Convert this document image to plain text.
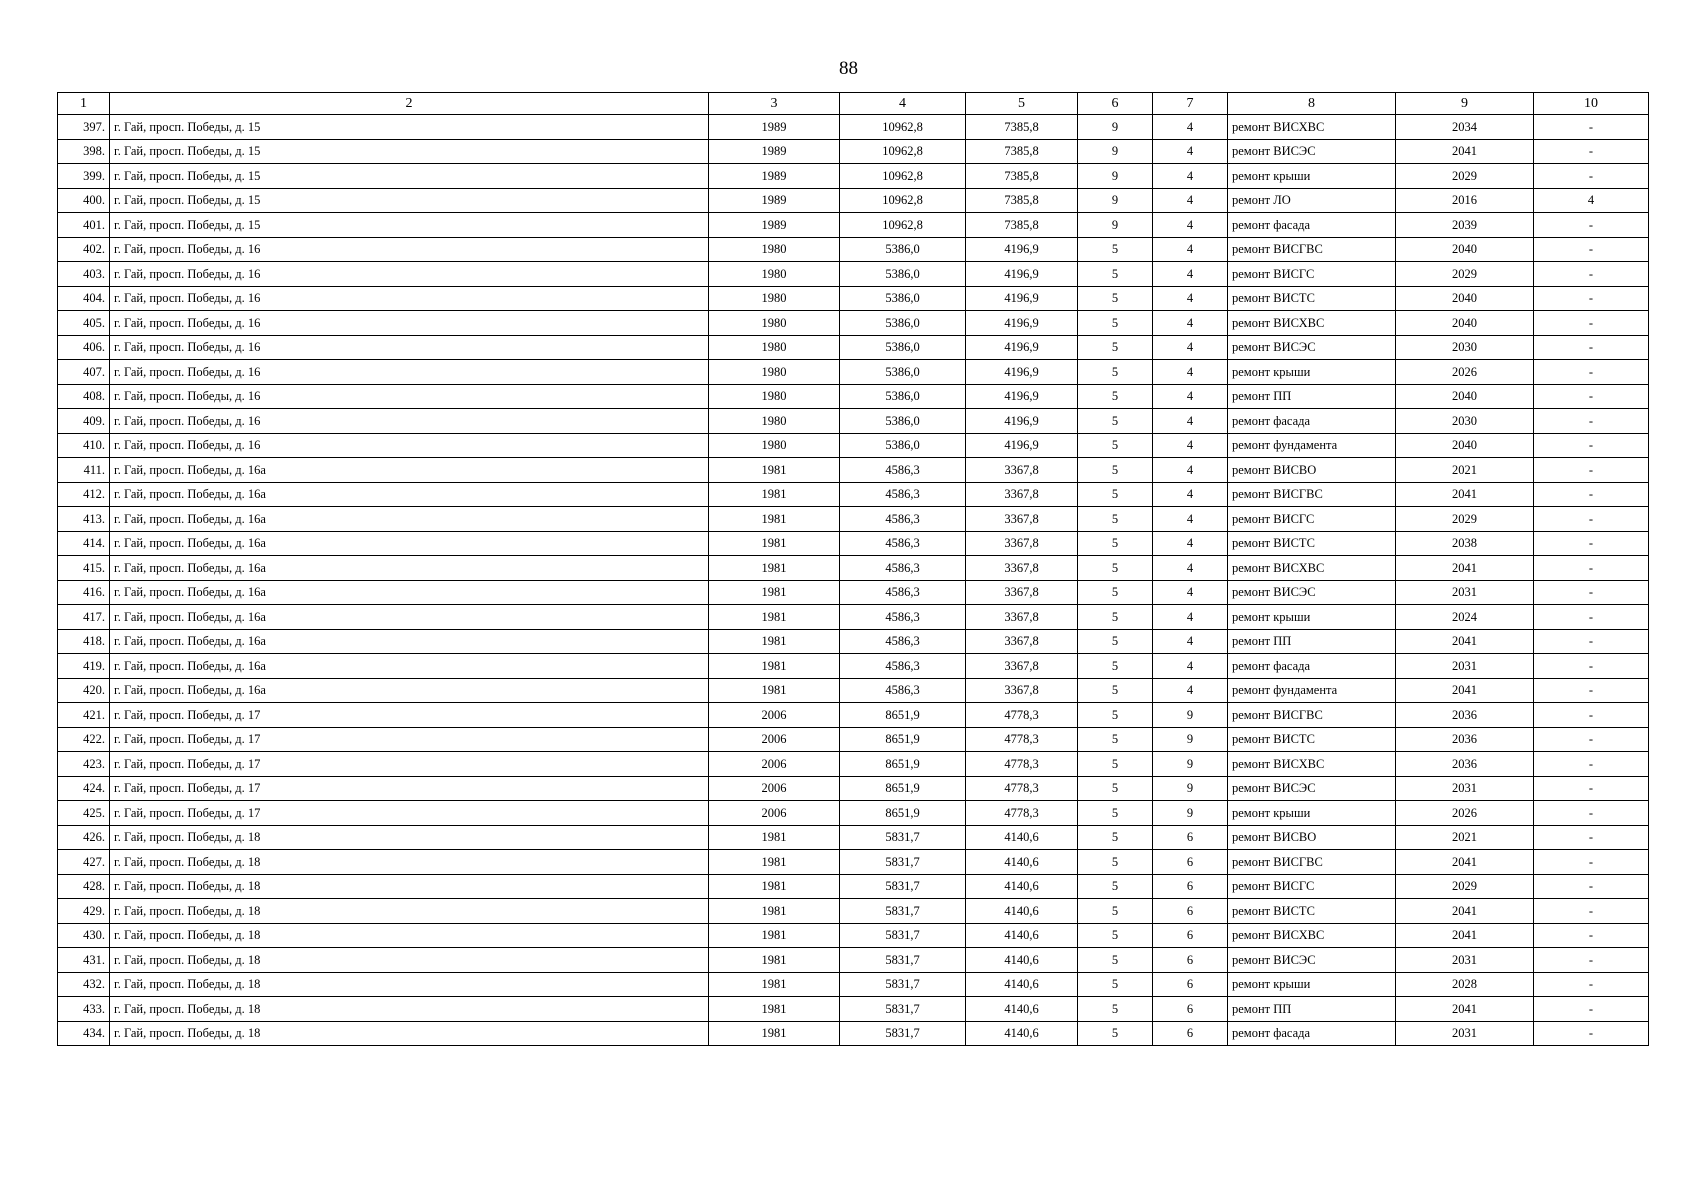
88
1	2	3	4	5	6	7	8	9	10
397.	г. Гай, просп. Победы, д. 15	1989	10962,8	7385,8	9	4	ремонт ВИСХВС	2034	-
398.	г. Гай, просп. Победы, д. 15	1989	10962,8	7385,8	9	4	ремонт ВИСЭС	2041	-
399.	г. Гай, просп. Победы, д. 15	1989	10962,8	7385,8	9	4	ремонт крыши	2029	-
400.	г. Гай, просп. Победы, д. 15	1989	10962,8	7385,8	9	4	ремонт ЛО	2016	4
401.	г. Гай, просп. Победы, д. 15	1989	10962,8	7385,8	9	4	ремонт фасада	2039	-
402.	г. Гай, просп. Победы, д. 16	1980	5386,0	4196,9	5	4	ремонт ВИСГВС	2040	-
403.	г. Гай, просп. Победы, д. 16	1980	5386,0	4196,9	5	4	ремонт ВИСГС	2029	-
404.	г. Гай, просп. Победы, д. 16	1980	5386,0	4196,9	5	4	ремонт ВИСТС	2040	-
405.	г. Гай, просп. Победы, д. 16	1980	5386,0	4196,9	5	4	ремонт ВИСХВС	2040	-
406.	г. Гай, просп. Победы, д. 16	1980	5386,0	4196,9	5	4	ремонт ВИСЭС	2030	-
407.	г. Гай, просп. Победы, д. 16	1980	5386,0	4196,9	5	4	ремонт крыши	2026	-
408.	г. Гай, просп. Победы, д. 16	1980	5386,0	4196,9	5	4	ремонт ПП	2040	-
409.	г. Гай, просп. Победы, д. 16	1980	5386,0	4196,9	5	4	ремонт фасада	2030	-
410.	г. Гай, просп. Победы, д. 16	1980	5386,0	4196,9	5	4	ремонт фундамента	2040	-
411.	г. Гай, просп. Победы, д. 16а	1981	4586,3	3367,8	5	4	ремонт ВИСВО	2021	-
412.	г. Гай, просп. Победы, д. 16а	1981	4586,3	3367,8	5	4	ремонт ВИСГВС	2041	-
413.	г. Гай, просп. Победы, д. 16а	1981	4586,3	3367,8	5	4	ремонт ВИСГС	2029	-
414.	г. Гай, просп. Победы, д. 16а	1981	4586,3	3367,8	5	4	ремонт ВИСТС	2038	-
415.	г. Гай, просп. Победы, д. 16а	1981	4586,3	3367,8	5	4	ремонт ВИСХВС	2041	-
416.	г. Гай, просп. Победы, д. 16а	1981	4586,3	3367,8	5	4	ремонт ВИСЭС	2031	-
417.	г. Гай, просп. Победы, д. 16а	1981	4586,3	3367,8	5	4	ремонт крыши	2024	-
418.	г. Гай, просп. Победы, д. 16а	1981	4586,3	3367,8	5	4	ремонт ПП	2041	-
419.	г. Гай, просп. Победы, д. 16а	1981	4586,3	3367,8	5	4	ремонт фасада	2031	-
420.	г. Гай, просп. Победы, д. 16а	1981	4586,3	3367,8	5	4	ремонт фундамента	2041	-
421.	г. Гай, просп. Победы, д. 17	2006	8651,9	4778,3	5	9	ремонт ВИСГВС	2036	-
422.	г. Гай, просп. Победы, д. 17	2006	8651,9	4778,3	5	9	ремонт ВИСТС	2036	-
423.	г. Гай, просп. Победы, д. 17	2006	8651,9	4778,3	5	9	ремонт ВИСХВС	2036	-
424.	г. Гай, просп. Победы, д. 17	2006	8651,9	4778,3	5	9	ремонт ВИСЭС	2031	-
425.	г. Гай, просп. Победы, д. 17	2006	8651,9	4778,3	5	9	ремонт крыши	2026	-
426.	г. Гай, просп. Победы, д. 18	1981	5831,7	4140,6	5	6	ремонт ВИСВО	2021	-
427.	г. Гай, просп. Победы, д. 18	1981	5831,7	4140,6	5	6	ремонт ВИСГВС	2041	-
428.	г. Гай, просп. Победы, д. 18	1981	5831,7	4140,6	5	6	ремонт ВИСГС	2029	-
429.	г. Гай, просп. Победы, д. 18	1981	5831,7	4140,6	5	6	ремонт ВИСТС	2041	-
430.	г. Гай, просп. Победы, д. 18	1981	5831,7	4140,6	5	6	ремонт ВИСХВС	2041	-
431.	г. Гай, просп. Победы, д. 18	1981	5831,7	4140,6	5	6	ремонт ВИСЭС	2031	-
432.	г. Гай, просп. Победы, д. 18	1981	5831,7	4140,6	5	6	ремонт крыши	2028	-
433.	г. Гай, просп. Победы, д. 18	1981	5831,7	4140,6	5	6	ремонт ПП	2041	-
434.	г. Гай, просп. Победы, д. 18	1981	5831,7	4140,6	5	6	ремонт фасада	2031	-
